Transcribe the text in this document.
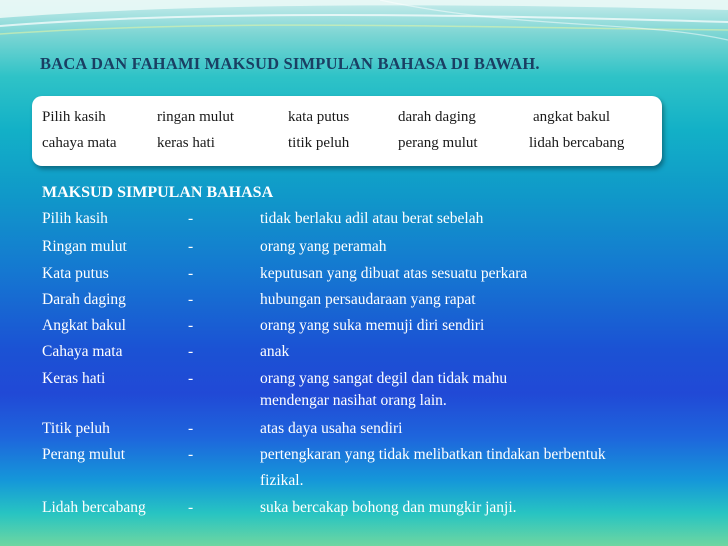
BACA DAN FAHAMI MAKSUD SIMPULAN BAHASA DI BAWAH.
Pilih kasih	ringan mulut	kata putus	darah daging	angkat bakul
cahaya mata	keras hati	titik peluh	perang mulut	lidah bercabang
MAKSUD SIMPULAN BAHASA
Pilih kasih	-	tidak berlaku adil atau berat sebelah
Ringan mulut	-	orang yang peramah
Kata putus	-	keputusan yang dibuat atas sesuatu perkara
Darah daging	-	hubungan persaudaraan yang rapat
Angkat bakul	-	orang yang suka memuji diri sendiri
Cahaya mata	-	anak
Keras hati	-	orang yang sangat degil dan tidak mahu
mendengar nasihat orang lain.
Titik peluh	-	atas daya usaha sendiri
Perang mulut	-	pertengkaran yang tidak melibatkan tindakan berbentuk
fizikal.
Lidah bercabang	-	suka bercakap bohong dan mungkir janji.
